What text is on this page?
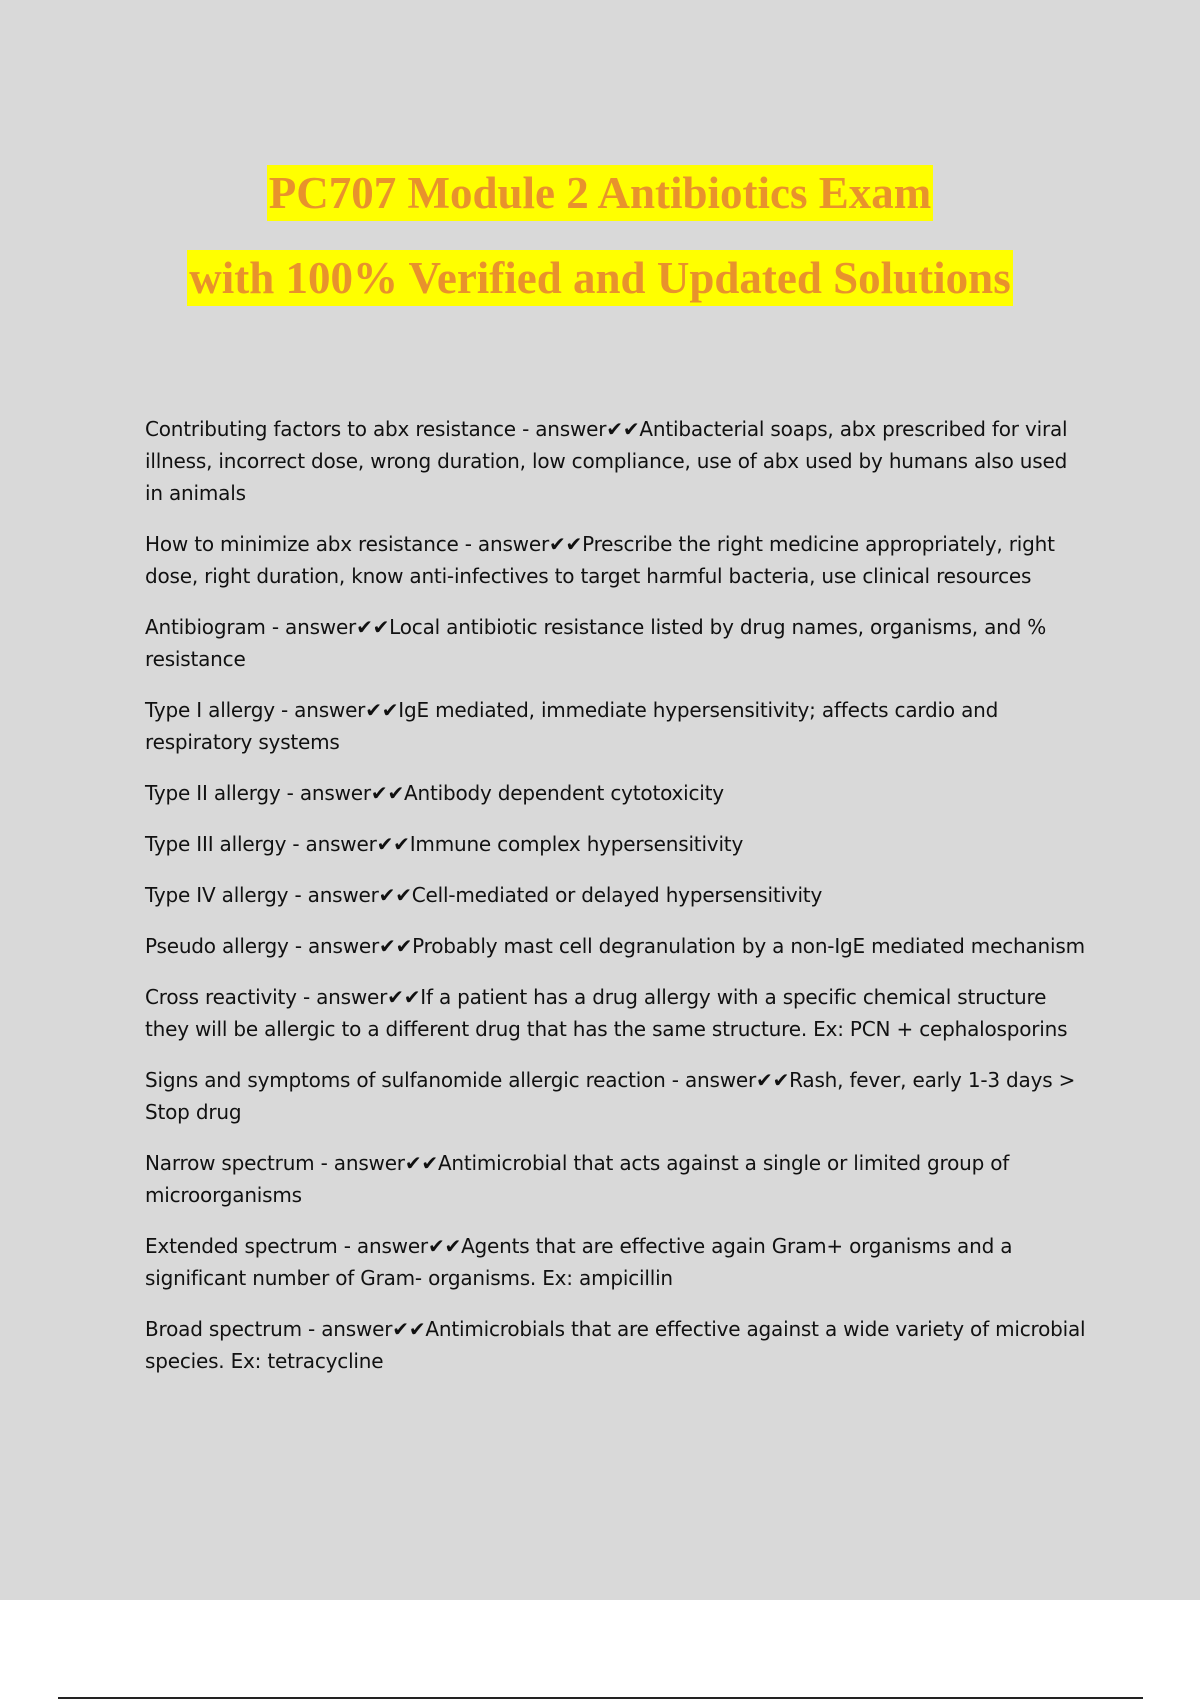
PC707 Module 2 Antibiotics Exam
with 100% Verified and Updated Solutions

Contributing factors to abx resistance - answer✔✔Antibacterial soaps, abx prescribed for viral illness, incorrect dose, wrong duration, low compliance, use of abx used by humans also used in animals

How to minimize abx resistance - answer✔✔Prescribe the right medicine appropriately, right dose, right duration, know anti-infectives to target harmful bacteria, use clinical resources

Antibiogram - answer✔✔Local antibiotic resistance listed by drug names, organisms, and % resistance

Type I allergy - answer✔✔IgE mediated, immediate hypersensitivity; affects cardio and respiratory systems

Type II allergy - answer✔✔Antibody dependent cytotoxicity

Type III allergy - answer✔✔Immune complex hypersensitivity

Type IV allergy - answer✔✔Cell-mediated or delayed hypersensitivity

Pseudo allergy - answer✔✔Probably mast cell degranulation by a non-IgE mediated mechanism

Cross reactivity - answer✔✔If a patient has a drug allergy with a specific chemical structure they will be allergic to a different drug that has the same structure. Ex: PCN + cephalosporins

Signs and symptoms of sulfanomide allergic reaction - answer✔✔Rash, fever, early 1-3 days > Stop drug

Narrow spectrum - answer✔✔Antimicrobial that acts against a single or limited group of microorganisms

Extended spectrum - answer✔✔Agents that are effective again Gram+ organisms and a significant number of Gram- organisms. Ex: ampicillin

Broad spectrum - answer✔✔Antimicrobials that are effective against a wide variety of microbial species. Ex: tetracycline
